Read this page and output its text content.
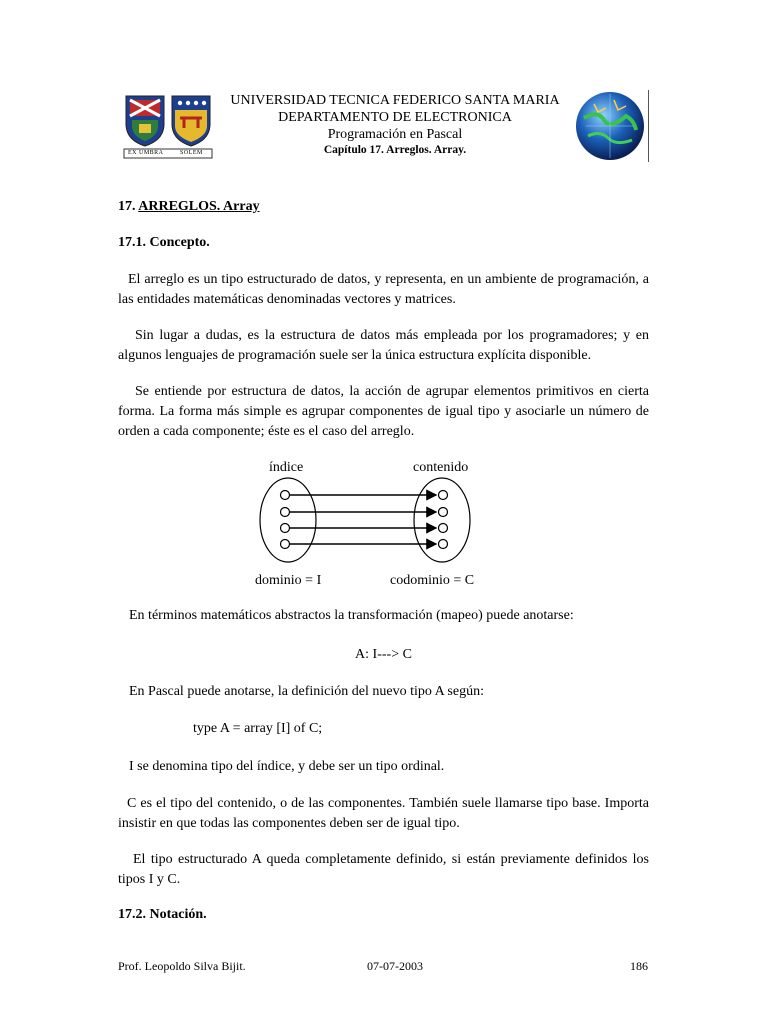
EX UMBRA	SOLEM
UNIVERSIDAD TECNICA FEDERICO SANTA MARIA
DEPARTAMENTO DE ELECTRONICA
Programación en Pascal
Capítulo 17. Arreglos. Array.
17. ARREGLOS. Array
17.1. Concepto.
El arreglo es un tipo estructurado de datos, y representa, en un ambiente de programación, a las entidades matemáticas denominadas vectores y matrices.
Sin lugar a dudas, es la estructura de datos más empleada por los programadores; y en algunos lenguajes de programación suele ser la única estructura explícita disponible.
Se entiende por estructura de datos, la acción de agrupar elementos primitivos en cierta forma. La forma más simple es agrupar componentes de igual tipo y asociarle un número de orden a cada componente; éste es el caso del arreglo.
índice	contenido
dominio = I	codominio = C
En términos matemáticos abstractos la transformación (mapeo) puede anotarse:
A: I---> C
En Pascal puede anotarse, la definición del nuevo tipo A según:
type A = array [I] of C;
I se denomina tipo del índice, y debe ser un tipo ordinal.
C es el tipo del contenido, o de las componentes. También suele llamarse tipo base. Importa insistir en que todas las componentes deben ser de igual tipo.
El tipo estructurado A queda completamente definido, si están previamente definidos los tipos I y C.
17.2. Notación.
Prof. Leopoldo Silva Bijit.	07-07-2003	186
